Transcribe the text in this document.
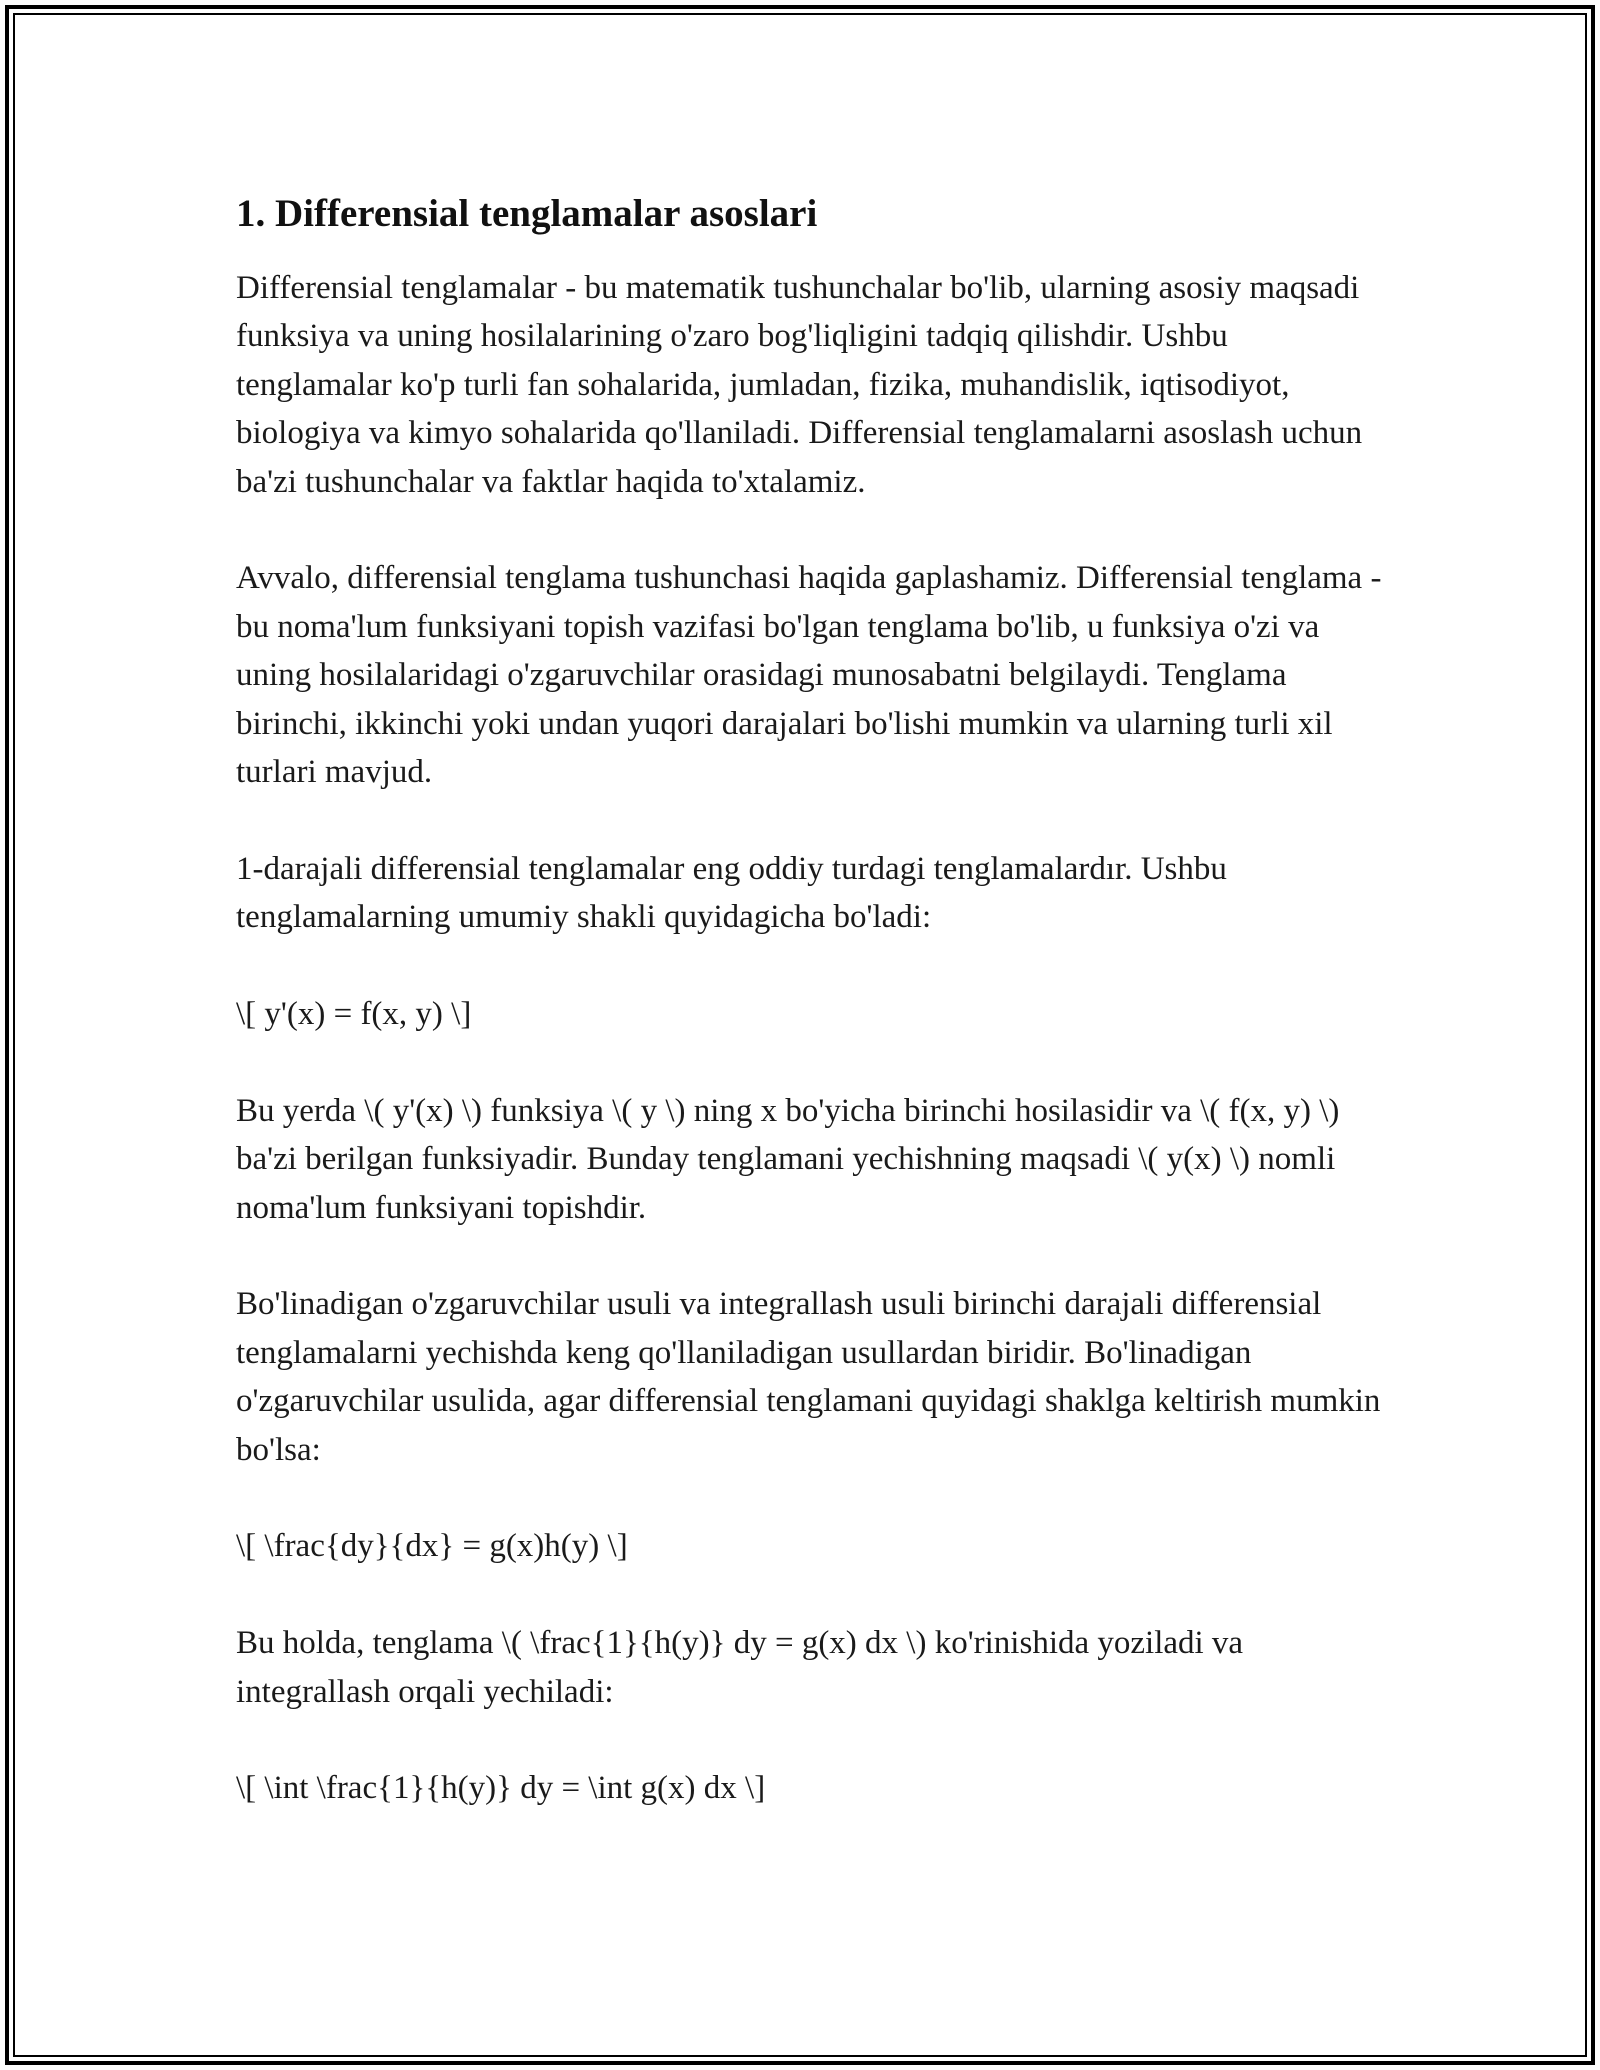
1. Differensial tenglamalar asoslari

Differensial tenglamalar - bu matematik tushunchalar bo'lib, ularning asosiy maqsadi funksiya va uning hosilalarining o'zaro bog'liqligini tadqiq qilishdir. Ushbu tenglamalar ko'p turli fan sohalarida, jumladan, fizika, muhandislik, iqtisodiyot, biologiya va kimyo sohalarida qo'llaniladi. Differensial tenglamalarni asoslash uchun ba'zi tushunchalar va faktlar haqida to'xtalamiz.

Avvalo, differensial tenglama tushunchasi haqida gaplashamiz. Differensial tenglama - bu noma'lum funksiyani topish vazifasi bo'lgan tenglama bo'lib, u funksiya o'zi va uning hosilalaridagi o'zgaruvchilar orasidagi munosabatni belgilaydi. Tenglama birinchi, ikkinchi yoki undan yuqori darajalari bo'lishi mumkin va ularning turli xil turlari mavjud.

1-darajali differensial tenglamalar eng oddiy turdagi tenglamalardır. Ushbu tenglamalarning umumiy shakli quyidagicha bo'ladi:

\[ y'(x) = f(x, y) \]

Bu yerda \( y'(x) \) funksiya \( y \) ning x bo'yicha birinchi hosilasidir va \( f(x, y) \) ba'zi berilgan funksiyadir. Bunday tenglamani yechishning maqsadi \( y(x) \) nomli noma'lum funksiyani topishdir.

Bo'linadigan o'zgaruvchilar usuli va integrallash usuli birinchi darajali differensial tenglamalarni yechishda keng qo'llaniladigan usullardan biridir. Bo'linadigan o'zgaruvchilar usulida, agar differensial tenglamani quyidagi shaklga keltirish mumkin bo'lsa:

\[ \frac{dy}{dx} = g(x)h(y) \]

Bu holda, tenglama \( \frac{1}{h(y)} dy = g(x) dx \) ko'rinishida yoziladi va integrallash orqali yechiladi:

\[ \int \frac{1}{h(y)} dy = \int g(x) dx \]
